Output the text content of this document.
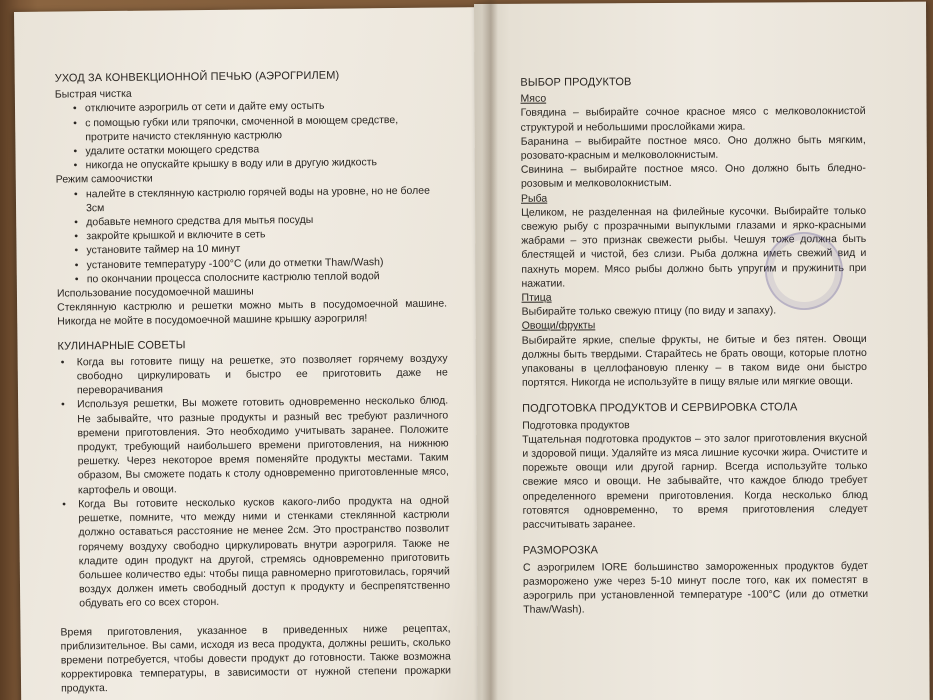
УХОД ЗА КОНВЕКЦИОННОЙ ПЕЧЬЮ (АЭРОГРИЛЕМ)
Быстрая чистка
• отключите аэрогриль от сети и дайте ему остыть
• с помощью губки или тряпочки, смоченной в моющем средстве, протрите начисто стеклянную кастрюлю
• удалите остатки моющего средства
• никогда не опускайте крышку в воду или в другую жидкость
Режим самоочистки
• налейте в стеклянную кастрюлю горячей воды на уровне, но не более 3см
• добавьте немного средства для мытья посуды
• закройте крышкой и включите в сеть
• установите таймер на 10 минут
• установите температуру -100°С (или до отметки Thaw/Wash)
• по окончании процесса сполосните кастрюлю теплой водой
Использование посудомоечной машины

Стеклянную кастрюлю и решетки можно мыть в посудомоечной машине. Никогда не мойте в посудомоечной машине крышку аэрогриля!

КУЛИНАРНЫЕ СОВЕТЫ
• Когда вы готовите пищу на решетке, это позволяет горячему воздуху свободно циркулировать и быстро ее приготовить даже не переворачивания
• Используя решетки, Вы можете готовить одновременно несколько блюд. Не забывайте, что разные продукты и разный вес требуют различного времени приготовления. Это необходимо учитывать заранее. Положите продукт, требующий наибольшего времени приготовления, на нижнюю решетку. Через некоторое время поменяйте продукты местами. Таким образом, Вы сможете подать к столу одновременно приготовленные мясо, картофель и овощи.
• Когда Вы готовите несколько кусков какого-либо продукта на одной решетке, помните, что между ними и стенками стеклянной кастрюли должно оставаться расстояние не менее 2см. Это пространство позволит горячему воздуху свободно циркулировать внутри аэрогриля. Также не кладите один продукт на другой, стремясь одновременно приготовить большее количество еды: чтобы пища равномерно приготовилась, горячий воздух должен иметь свободный доступ к продукту и беспрепятственно обдувать его со всех сторон.

Время приготовления, указанное в приведенных ниже рецептах, приблизительное. Вы сами, исходя из веса продукта, должны решить, сколько времени потребуется, чтобы довести продукт до готовности. Также возможна корректировка температуры, в зависимости от нужной степени прожарки продукта.

ВЫБОР ПРОДУКТОВ
Мясо

Говядина – выбирайте сочное красное мясо с мелковолокнистой структурой и небольшими прослойками жира.

Баранина – выбирайте постное мясо. Оно должно быть мягким, розовато-красным и мелковолокнистым.

Свинина – выбирайте постное мясо. Оно должно быть бледно-розовым и мелковолокнистым.

Рыба

Целиком, не разделенная на филейные кусочки. Выбирайте только свежую рыбу с прозрачными выпуклыми глазами и ярко-красными жабрами – это признак свежести рыбы. Чешуя тоже должна быть блестящей и чистой, без слизи. Рыба должна иметь свежий вид и пахнуть морем. Мясо рыбы должно быть упругим и пружинить при нажатии.

Птица

Выбирайте только свежую птицу (по виду и запаху).

Овощи/фрукты

Выбирайте яркие, спелые фрукты, не битые и без пятен. Овощи должны быть твердыми. Старайтесь не брать овощи, которые плотно упакованы в целлофановую пленку – в таком виде они быстро портятся. Никогда не используйте в пищу вялые или мягкие овощи.

ПОДГОТОВКА ПРОДУКТОВ И СЕРВИРОВКА СТОЛА
Подготовка продуктов

Тщательная подготовка продуктов – это залог приготовления вкусной и здоровой пищи. Удаляйте из мяса лишние кусочки жира. Очистите и порежьте овощи или другой гарнир. Всегда используйте только свежие мясо и овощи. Не забывайте, что каждое блюдо требует определенного времени приготовления. Когда несколько блюд готовятся одновременно, то время приготовления следует рассчитывать заранее.

РАЗМОРОЗКА

С аэрогрилем IORE большинство замороженных продуктов будет разморожено уже через 5-10 минут после того, как их поместят в аэрогриль при установленной температуре -100°С (или до отметки Thaw/Wash).
